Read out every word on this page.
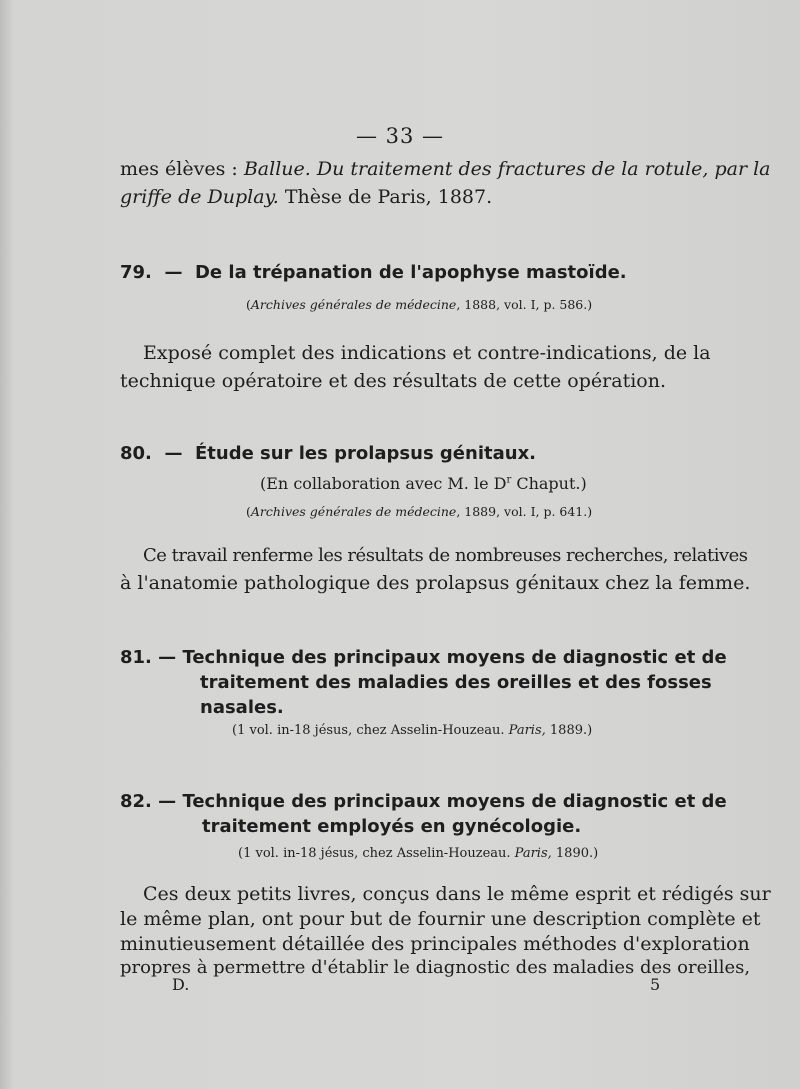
— 33 —
mes élèves : Ballue. Du traitement des fractures de la rotule, par la
griffe de Duplay. Thèse de Paris, 1887.
79. — De la trépanation de l'apophyse mastoïde.
(Archives générales de médecine, 1888, vol. I, p. 586.)
Exposé complet des indications et contre-indications, de la
technique opératoire et des résultats de cette opération.
80. — Étude sur les prolapsus génitaux.
(En collaboration avec M. le $D^r$ Chaput.)
(Archives générales de médecine, 1889, vol. I, p. 641.)
Ce travail renferme les résultats de nombreuses recherches, relatives
à l'anatomie pathologique des prolapsus génitaux chez la femme.
81. — Technique des principaux moyens de diagnostic et de
traitement des maladies des oreilles et des fosses
nasales.
(1 vol. in-18 jésus, chez Asselin-Houzeau. Paris, 1889.)
82. — Technique des principaux moyens de diagnostic et de
traitement employés en gynécologie.
(1 vol. in-18 jésus, chez Asselin-Houzeau. Paris, 1890.)
Ces deux petits livres, conçus dans le même esprit et rédigés sur
le même plan, ont pour but de fournir une description complète et
minutieusement détaillée des principales méthodes d'exploration
propres à permettre d'établir le diagnostic des maladies des oreilles,
D.	5
